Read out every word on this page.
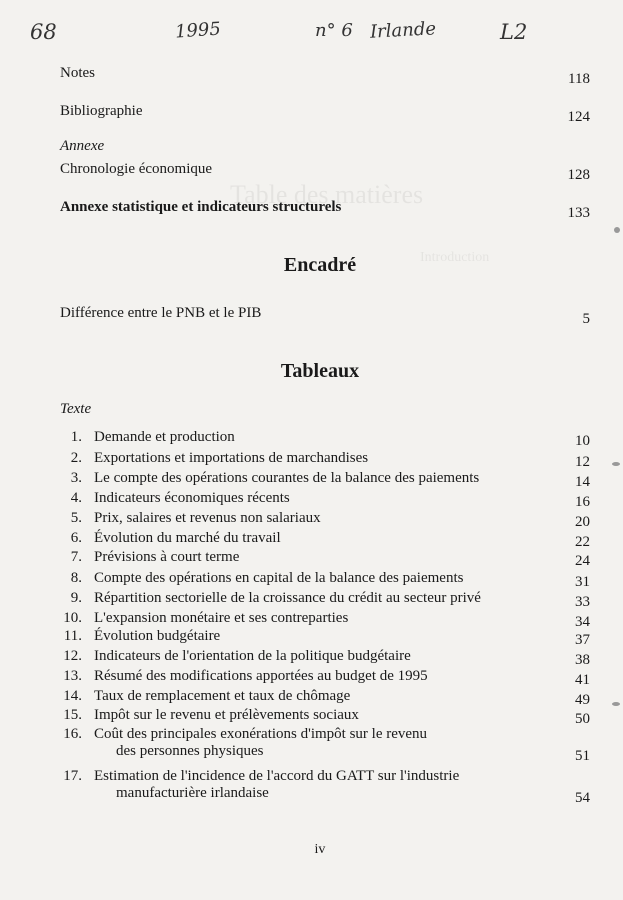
Table des matières
Introduction
68	1995	n° 6 Irlande	L2
Notes	118
Bibliographie	124
Annexe
Chronologie économique	128
Annexe statistique et indicateurs structurels	133
Encadré
Différence entre le PNB et le PIB	5
Tableaux
Texte
1. Demande et production	10
2. Exportations et importations de marchandises	12
3. Le compte des opérations courantes de la balance des paiements	14
4. Indicateurs économiques récents	16
5. Prix, salaires et revenus non salariaux	20
6. Évolution du marché du travail	22
7. Prévisions à court terme	24
8. Compte des opérations en capital de la balance des paiements	31
9. Répartition sectorielle de la croissance du crédit au secteur privé	33
10. L'expansion monétaire et ses contreparties	34
11. Évolution budgétaire	37
12. Indicateurs de l'orientation de la politique budgétaire	38
13. Résumé des modifications apportées au budget de 1995	41
14. Taux de remplacement et taux de chômage	49
15. Impôt sur le revenu et prélèvements sociaux	50
16. Coût des principales exonérations d'impôt sur le revenu
des personnes physiques	51
17. Estimation de l'incidence de l'accord du GATT sur l'industrie
manufacturière irlandaise	54
iv
